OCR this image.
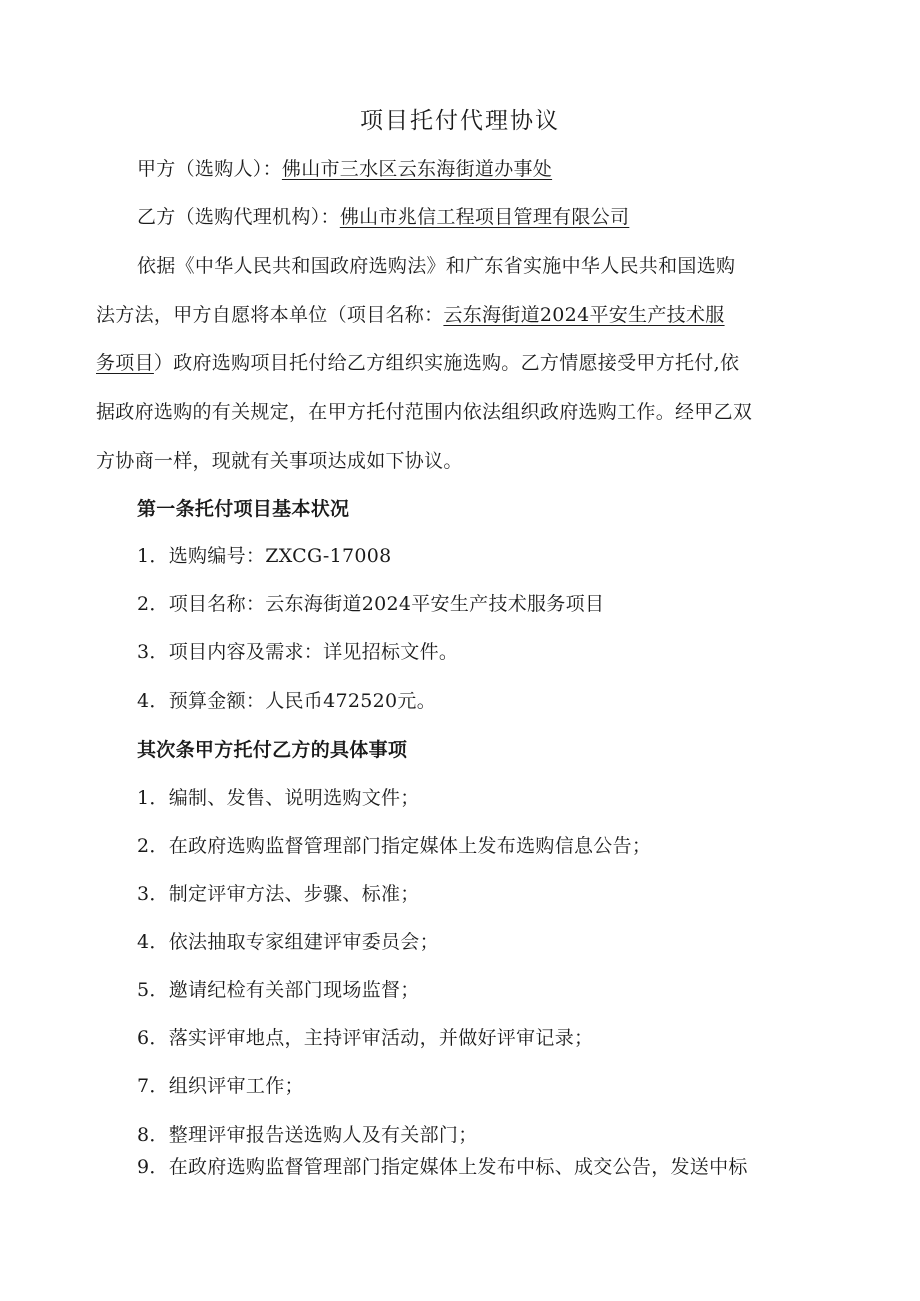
项目托付代理协议
甲方（选购人）：佛山市三水区云东海街道办事处
乙方（选购代理机构）：佛山市兆信工程项目管理有限公司
依据《中华人民共和国政府选购法》和广东省实施中华人民共和国选购
法方法，甲方自愿将本单位（项目名称：云东海街道2024平安生产技术服
务项目）政府选购项目托付给乙方组织实施选购。乙方情愿接受甲方托付,依
据政府选购的有关规定，在甲方托付范围内依法组织政府选购工作。经甲乙双
方协商一样，现就有关事项达成如下协议。
第一条托付项目基本状况
1．选购编号：ZXCG-17008
2．项目名称：云东海街道2024平安生产技术服务项目
3．项目内容及需求：详见招标文件。
4．预算金额：人民币472520元。
其次条甲方托付乙方的具体事项
1．编制、发售、说明选购文件；
2．在政府选购监督管理部门指定媒体上发布选购信息公告；
3．制定评审方法、步骤、标准；
4．依法抽取专家组建评审委员会；
5．邀请纪检有关部门现场监督；
6．落实评审地点，主持评审活动，并做好评审记录；
7．组织评审工作；
8．整理评审报告送选购人及有关部门；
9．在政府选购监督管理部门指定媒体上发布中标、成交公告，发送中标
